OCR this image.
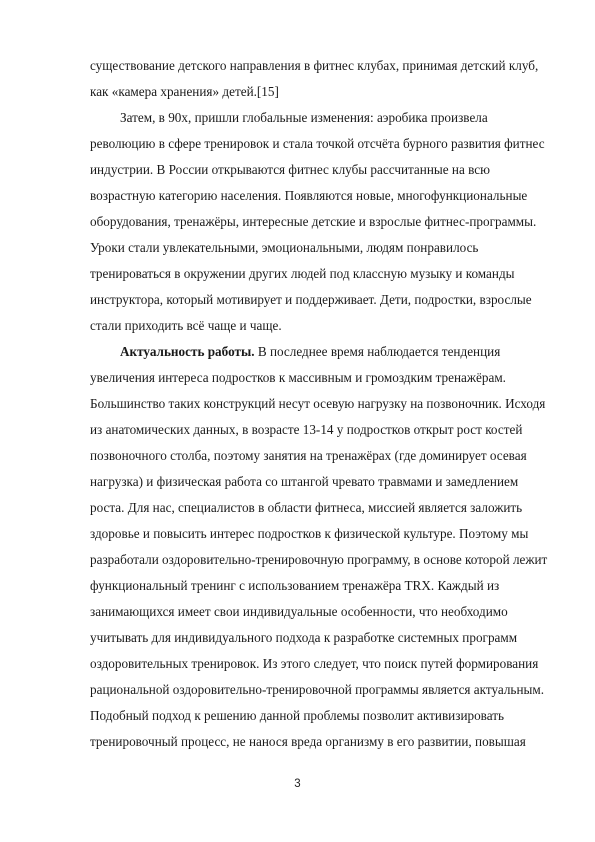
существование детского направления в фитнес клубах, принимая детский клуб,
как «камера хранения» детей.[15]
Затем, в 90х, пришли глобальные изменения: аэробика произвела
революцию в сфере тренировок и стала точкой отсчёта бурного развития фитнес
индустрии. В России открываются фитнес клубы рассчитанные на всю
возрастную категорию населения. Появляются новые, многофункциональные
оборудования, тренажёры, интересные детские и взрослые фитнес-программы.
Уроки стали увлекательными, эмоциональными, людям понравилось
тренироваться в окружении других людей под классную музыку и команды
инструктора, который мотивирует и поддерживает. Дети, подростки, взрослые
стали приходить всё чаще и чаще.
Актуальность работы. В последнее время наблюдается тенденция
увеличения интереса подростков к массивным и громоздким тренажёрам.
Большинство таких конструкций несут осевую нагрузку на позвоночник. Исходя
из анатомических данных, в возрасте 13-14 у подростков открыт рост костей
позвоночного столба, поэтому занятия на тренажёрах (где доминирует осевая
нагрузка) и физическая работа со штангой чревато травмами и замедлением
роста. Для нас, специалистов в области фитнеса, миссией является заложить
здоровье и повысить интерес подростков к физической культуре. Поэтому мы
разработали оздоровительно-тренировочную программу, в основе которой лежит
функциональный тренинг с использованием тренажёра TRX. Каждый из
занимающихся имеет свои индивидуальные особенности, что необходимо
учитывать для индивидуального подхода к разработке системных программ
оздоровительных тренировок. Из этого следует, что поиск путей формирования
рациональной оздоровительно-тренировочной программы является актуальным.
Подобный подход к решению данной проблемы позволит активизировать
тренировочный процесс, не нанося вреда организму в его развитии, повышая
3
